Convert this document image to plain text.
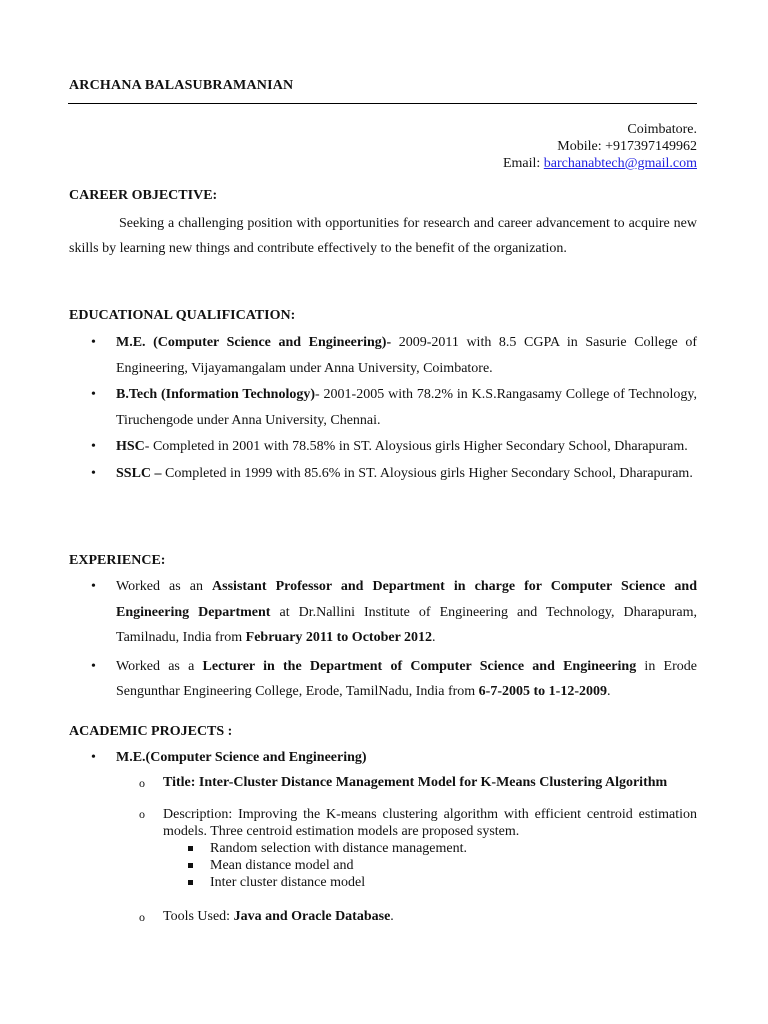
ARCHANA BALASUBRAMANIAN
Coimbatore.
Mobile: +917397149962
Email: barchanabtech@gmail.com
CAREER OBJECTIVE:
Seeking a challenging position with opportunities for research and career advancement to acquire new skills by learning new things and contribute effectively to the benefit of the organization.
EDUCATIONAL QUALIFICATION:
• M.E. (Computer Science and Engineering)- 2009-2011 with 8.5 CGPA in Sasurie College of Engineering, Vijayamangalam under Anna University, Coimbatore.
• B.Tech (Information Technology)- 2001-2005 with 78.2% in K.S.Rangasamy College of Technology, Tiruchengode under Anna University, Chennai.
• HSC- Completed in 2001 with 78.58% in ST. Aloysious girls Higher Secondary School, Dharapuram.
• SSLC – Completed in 1999 with 85.6% in ST. Aloysious girls Higher Secondary School, Dharapuram.
EXPERIENCE:
• Worked as an Assistant Professor and Department in charge for Computer Science and Engineering Department at Dr.Nallini Institute of Engineering and Technology, Dharapuram, Tamilnadu, India from February 2011 to October 2012.
• Worked as a Lecturer in the Department of Computer Science and Engineering in Erode Sengunthar Engineering College, Erode, TamilNadu, India from 6-7-2005 to 1-12-2009.
ACADEMIC PROJECTS :
• M.E.(Computer Science and Engineering)
o Title: Inter-Cluster Distance Management Model for K-Means Clustering Algorithm
o Description: Improving the K-means clustering algorithm with efficient centroid estimation models. Three centroid estimation models are proposed system.
Random selection with distance management.
Mean distance model and
Inter cluster distance model
o Tools Used: Java and Oracle Database.
